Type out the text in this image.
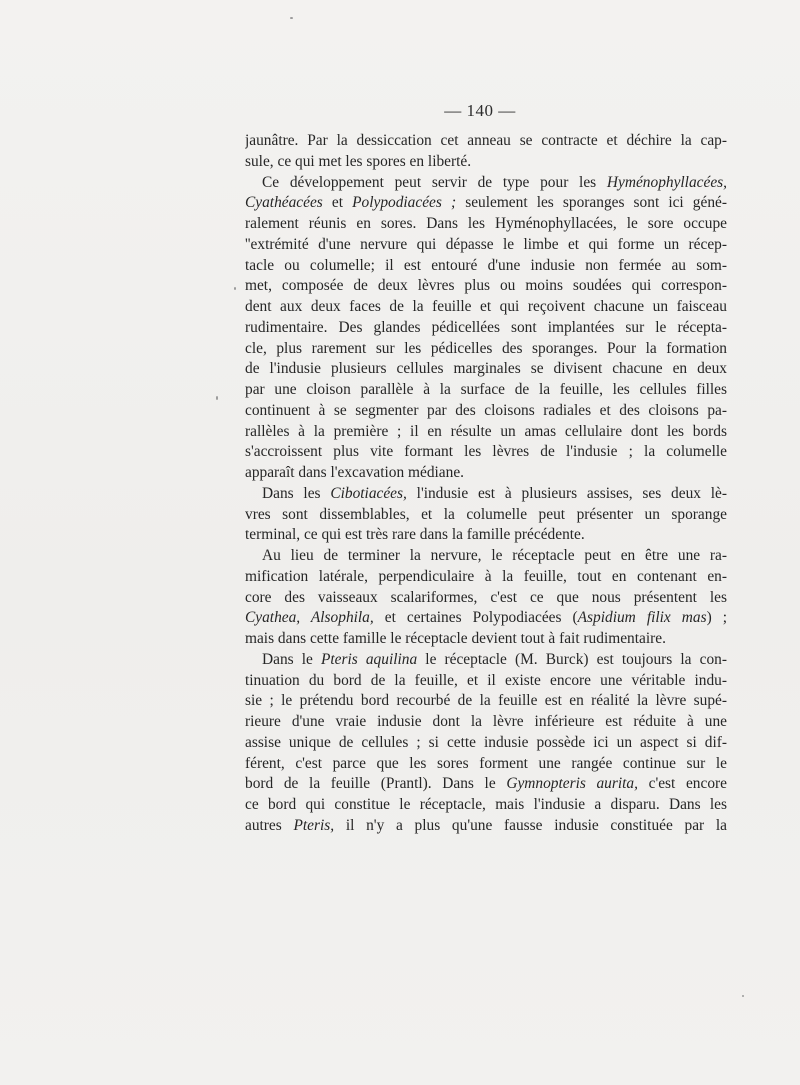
— 140 —
jaunâtre. Par la dessiccation cet anneau se contracte et déchire la cap-
sule, ce qui met les spores en liberté.
Ce développement peut servir de type pour les Hyménophyllacées,
Cyathéacées et Polypodiacées ; seulement les sporanges sont ici géné-
ralement réunis en sores. Dans les Hyménophyllacées, le sore occupe
''extrémité d'une nervure qui dépasse le limbe et qui forme un récep-
tacle ou columelle; il est entouré d'une indusie non fermée au som-
met, composée de deux lèvres plus ou moins soudées qui correspon-
dent aux deux faces de la feuille et qui reçoivent chacune un faisceau
rudimentaire. Des glandes pédicellées sont implantées sur le récepta-
cle, plus rarement sur les pédicelles des sporanges. Pour la formation
de l'indusie plusieurs cellules marginales se divisent chacune en deux
par une cloison parallèle à la surface de la feuille, les cellules filles
continuent à se segmenter par des cloisons radiales et des cloisons pa-
rallèles à la première ; il en résulte un amas cellulaire dont les bords
s'accroissent plus vite formant les lèvres de l'indusie ; la columelle
apparaît dans l'excavation médiane.
Dans les Cibotiacées, l'indusie est à plusieurs assises, ses deux lè-
vres sont dissemblables, et la columelle peut présenter un sporange
terminal, ce qui est très rare dans la famille précédente.
Au lieu de terminer la nervure, le réceptacle peut en être une ra-
mification latérale, perpendiculaire à la feuille, tout en contenant en-
core des vaisseaux scalariformes, c'est ce que nous présentent les
Cyathea, Alsophila, et certaines Polypodiacées (Aspidium filix mas) ;
mais dans cette famille le réceptacle devient tout à fait rudimentaire.
Dans le Pteris aquilina le réceptacle (M. Burck) est toujours la con-
tinuation du bord de la feuille, et il existe encore une véritable indu-
sie ; le prétendu bord recourbé de la feuille est en réalité la lèvre supé-
rieure d'une vraie indusie dont la lèvre inférieure est réduite à une
assise unique de cellules ; si cette indusie possède ici un aspect si dif-
férent, c'est parce que les sores forment une rangée continue sur le
bord de la feuille (Prantl). Dans le Gymnopteris aurita, c'est encore
ce bord qui constitue le réceptacle, mais l'indusie a disparu. Dans les
autres Pteris, il n'y a plus qu'une fausse indusie constituée par la
